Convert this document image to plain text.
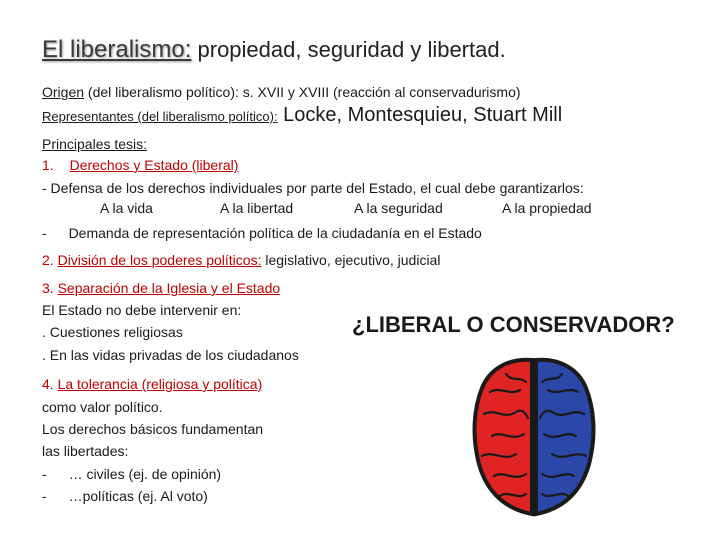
El liberalismo: propiedad, seguridad y libertad.
Origen (del liberalismo político): s. XVII y XVIII (reacción al conservadurismo)
Representantes (del liberalismo político): Locke, Montesquieu, Stuart Mill
Principales tesis:
1. Derechos y Estado (liberal)
- Defensa de los derechos individuales por parte del Estado, el cual debe garantizarlos:
A la vida	A la libertad	A la seguridad	A la propiedad
- Demanda de representación política de la ciudadanía en el Estado
2. División de los poderes políticos: legislativo, ejecutivo, judicial
3. Separación de la Iglesia y el Estado
El Estado no debe intervenir en:
. Cuestiones religiosas
. En las vidas privadas de los ciudadanos
4. La tolerancia (religiosa y política)
como valor político.
Los derechos básicos fundamentan
las libertades:
- … civiles (ej. de opinión)
- …políticas (ej. Al voto)
¿LIBERAL O CONSERVADOR?
